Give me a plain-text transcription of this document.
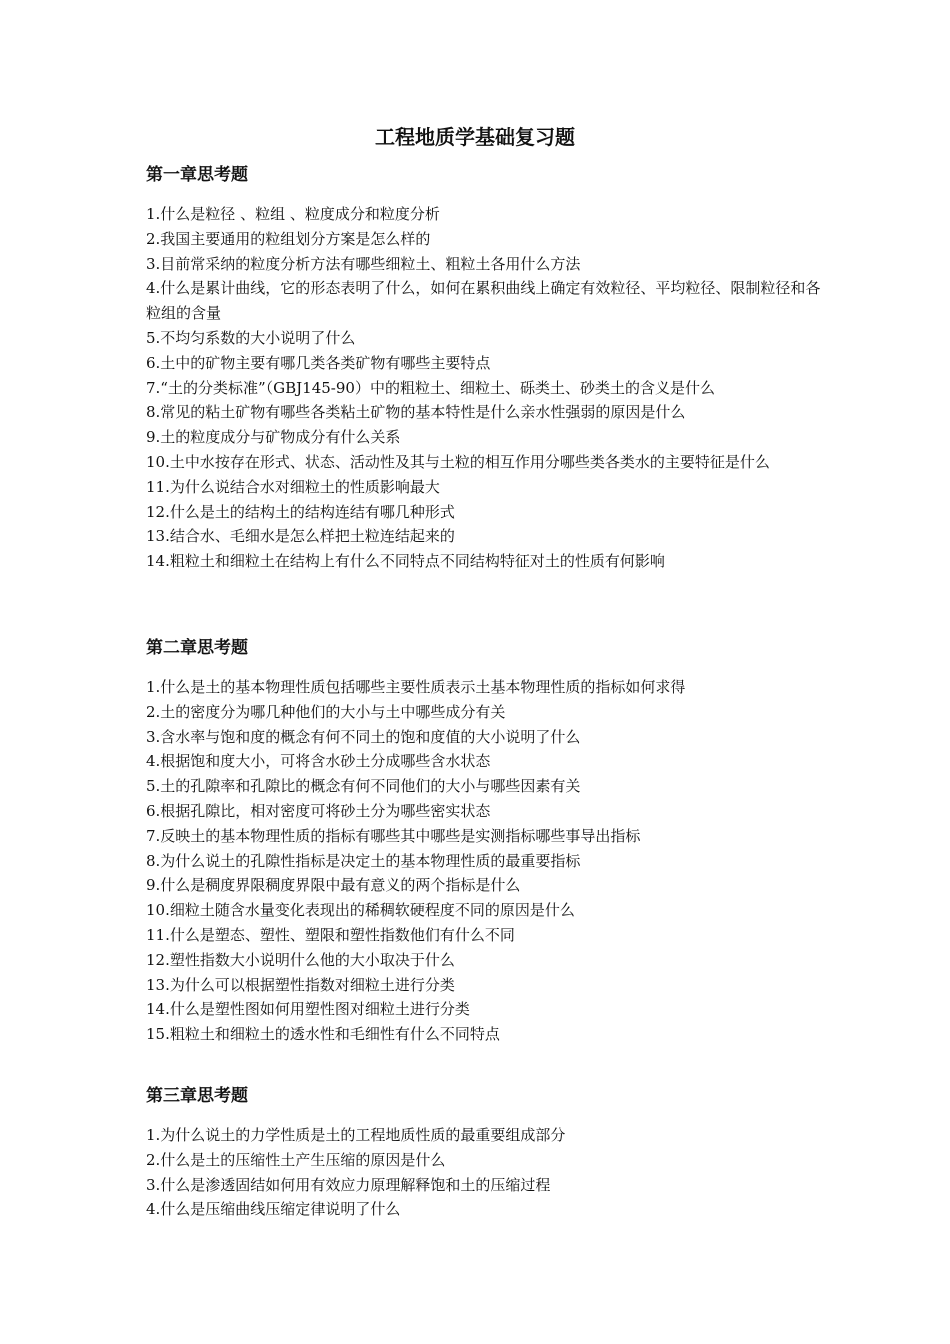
工程地质学基础复习题
第一章思考题
1.什么是粒径 、粒组 、粒度成分和粒度分析
2.我国主要通用的粒组划分方案是怎么样的
3.目前常采纳的粒度分析方法有哪些细粒土、粗粒土各用什么方法
4.什么是累计曲线，它的形态表明了什么，如何在累积曲线上确定有效粒径、平均粒径、限制粒径和各粒组的含量
5.不均匀系数的大小说明了什么
6.土中的矿物主要有哪几类各类矿物有哪些主要特点
7.“土的分类标准”（GBJ145-90）中的粗粒土、细粒土、砾类土、砂类土的含义是什么
8.常见的粘土矿物有哪些各类粘土矿物的基本特性是什么亲水性强弱的原因是什么
9.土的粒度成分与矿物成分有什么关系
10.土中水按存在形式、状态、活动性及其与土粒的相互作用分哪些类各类水的主要特征是什么
11.为什么说结合水对细粒土的性质影响最大
12.什么是土的结构土的结构连结有哪几种形式
13.结合水、毛细水是怎么样把土粒连结起来的
14.粗粒土和细粒土在结构上有什么不同特点不同结构特征对土的性质有何影响
第二章思考题
1.什么是土的基本物理性质包括哪些主要性质表示土基本物理性质的指标如何求得
2.土的密度分为哪几种他们的大小与土中哪些成分有关
3.含水率与饱和度的概念有何不同土的饱和度值的大小说明了什么
4.根据饱和度大小，可将含水砂土分成哪些含水状态
5.土的孔隙率和孔隙比的概念有何不同他们的大小与哪些因素有关
6.根据孔隙比，相对密度可将砂土分为哪些密实状态
7.反映土的基本物理性质的指标有哪些其中哪些是实测指标哪些事导出指标
8.为什么说土的孔隙性指标是决定土的基本物理性质的最重要指标
9.什么是稠度界限稠度界限中最有意义的两个指标是什么
10.细粒土随含水量变化表现出的稀稠软硬程度不同的原因是什么
11.什么是塑态、塑性、塑限和塑性指数他们有什么不同
12.塑性指数大小说明什么他的大小取决于什么
13.为什么可以根据塑性指数对细粒土进行分类
14.什么是塑性图如何用塑性图对细粒土进行分类
15.粗粒土和细粒土的透水性和毛细性有什么不同特点
第三章思考题
1.为什么说土的力学性质是土的工程地质性质的最重要组成部分
2.什么是土的压缩性土产生压缩的原因是什么
3.什么是渗透固结如何用有效应力原理解释饱和土的压缩过程
4.什么是压缩曲线压缩定律说明了什么
